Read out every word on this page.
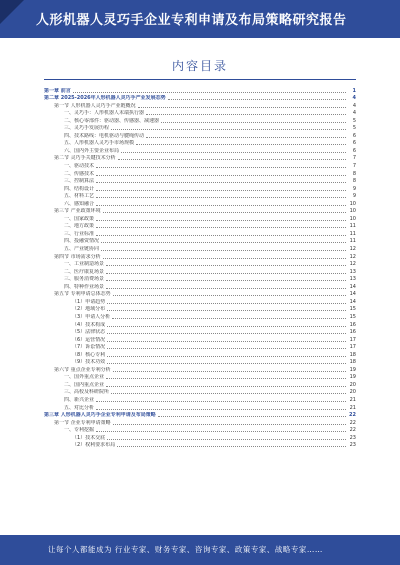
人形机器人灵巧手企业专利申请及布局策略研究报告
内容目录
第一章 前言	1
第二章 2025-2026年人形机器人灵巧手产业发展态势	4
第一节 人形机器人灵巧手产业链概况	4
一、灵巧手：人形机器人末端执行器	4
二、核心零部件：驱动器、传感器、减速器	5
三、灵巧手发展历程	5
四、技术路线：电机驱动与腱绳传动	6
五、人形机器人灵巧手市场规模	6
六、国内外主要企业布局	6
第二节 灵巧手关键技术分析	7
一、驱动技术	7
二、传感技术	8
三、控制算法	8
四、结构设计	9
五、材料工艺	9
六、感知融合	10
第三节 产业政策环境	10
一、国家政策	10
二、地方政策	11
三、行业标准	11
四、投融资情况	11
五、产业链协同	12
第四节 市场需求分析	12
一、工业制造场景	12
二、医疗康复场景	13
三、服务消费场景	13
四、特种作业场景	14
第五节 专利申请总体态势	14
（1）申请趋势	14
（2）地域分布	15
（3）申请人分析	15
（4）技术构成	16
（5）法律状态	16
（6）运营情况	17
（7）诉讼情况	17
（8）核心专利	18
（9）技术功效	18
第六节 重点企业专利分析	19
一、国外重点企业	19
二、国内重点企业	20
三、高校及科研院所	20
四、新兴企业	21
五、对比分析	21
第三章 人形机器人灵巧手企业专利申请及布局策略	22
第一节 企业专利申请策略	22
一、专利挖掘	22
（1）技术交底	23
（2）权利要求布局	23
让每个人都能成为 行业专家、财务专家、咨询专家、政策专家、战略专家……
